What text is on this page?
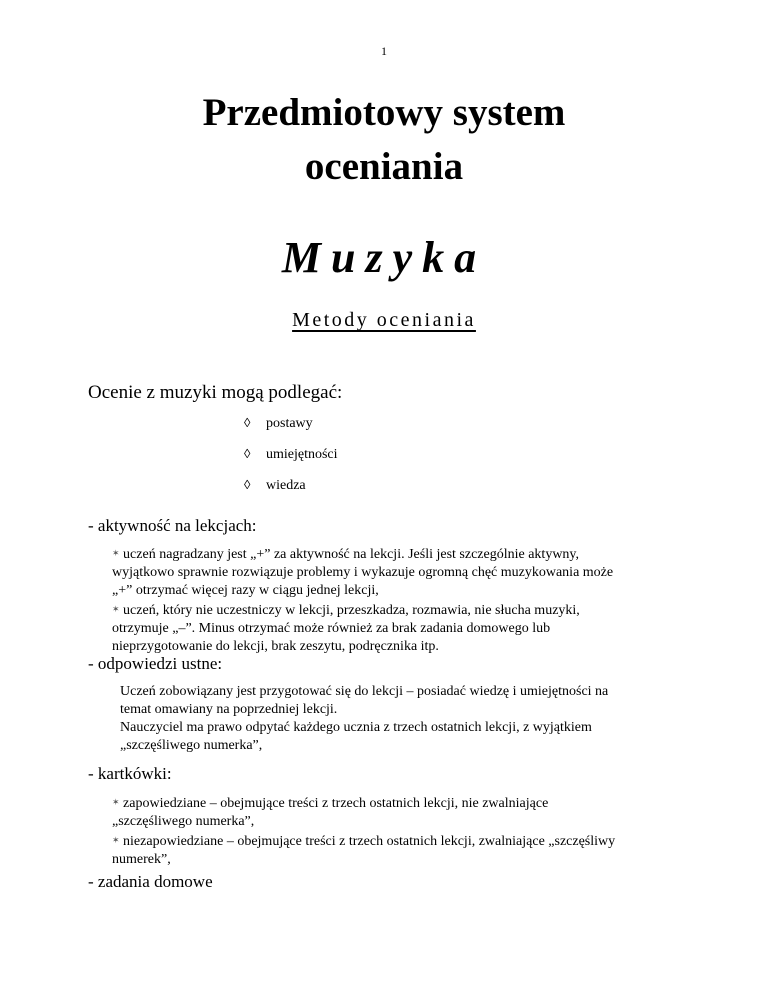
1
Przedmiotowy system
oceniania
Muzyka
Metody oceniania
Ocenie z muzyki mogą podlegać:
◊ postawy
◊ umiejętności
◊ wiedza
- aktywność na lekcjach:
✶ uczeń nagradzany jest „+” za aktywność na lekcji. Jeśli jest szczególnie aktywny,
wyjątkowo sprawnie rozwiązuje problemy i wykazuje ogromną chęć muzykowania może
„+” otrzymać więcej razy w ciągu jednej lekcji,
✶ uczeń, który nie uczestniczy w lekcji, przeszkadza, rozmawia, nie słucha muzyki,
otrzymuje „–”. Minus otrzymać może również za brak zadania domowego lub
nieprzygotowanie do lekcji, brak zeszytu, podręcznika itp.
- odpowiedzi ustne:
Uczeń zobowiązany jest przygotować się do lekcji – posiadać wiedzę i umiejętności na
temat omawiany na poprzedniej lekcji.
Nauczyciel ma prawo odpytać każdego ucznia z trzech ostatnich lekcji, z wyjątkiem
„szczęśliwego numerka”,
- kartkówki:
✶ zapowiedziane – obejmujące treści z trzech ostatnich lekcji, nie zwalniające
„szczęśliwego numerka”,
✶ niezapowiedziane – obejmujące treści z trzech ostatnich lekcji, zwalniające „szczęśliwy
numerek”,
- zadania domowe
